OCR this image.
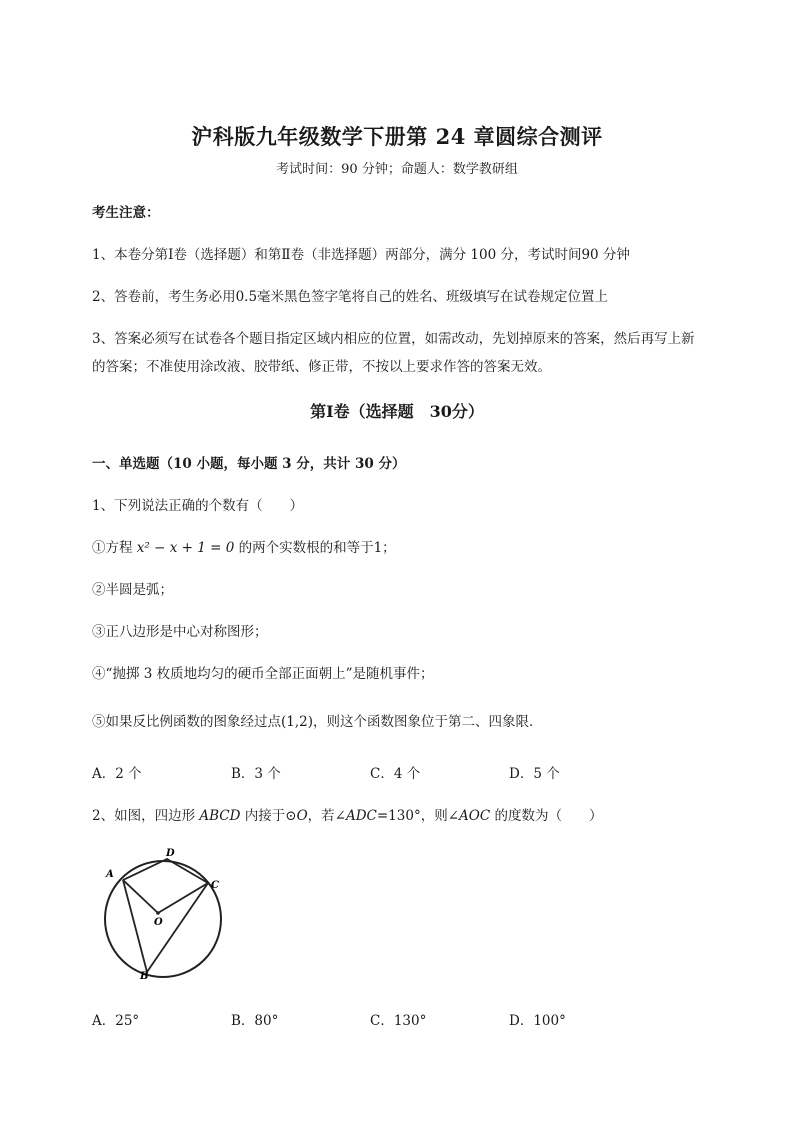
沪科版九年级数学下册第 24 章圆综合测评
考试时间：90 分钟；命题人：数学教研组
考生注意：
1、本卷分第Ⅰ卷（选择题）和第Ⅱ卷（非选择题）两部分，满分 100 分，考试时间90 分钟
2、答卷前，考生务必用0.5毫米黑色签字笔将自己的姓名、班级填写在试卷规定位置上
3、答案必须写在试卷各个题目指定区域内相应的位置，如需改动，先划掉原来的答案，然后再写上新的答案；不准使用涂改液、胶带纸、修正带，不按以上要求作答的答案无效。
第Ⅰ卷（选择题　30分）
一、单选题（10 小题，每小题 3 分，共计 30 分）
1、下列说法正确的个数有（　　）
①方程 x² − x + 1 = 0 的两个实数根的和等于1；
②半圆是弧；
③正八边形是中心对称图形；
④“抛掷 3 枚质地均匀的硬币全部正面朝上”是随机事件；
⑤如果反比例函数的图象经过点(1,2)，则这个函数图象位于第二、四象限．
A．2 个	B．3 个	C．4 个	D．5 个
2、如图，四边形 ABCD 内接于⊙O，若∠ADC=130°，则∠AOC 的度数为（　　）
A
D
C
O
B
A．25°	B．80°	C．130°	D．100°
